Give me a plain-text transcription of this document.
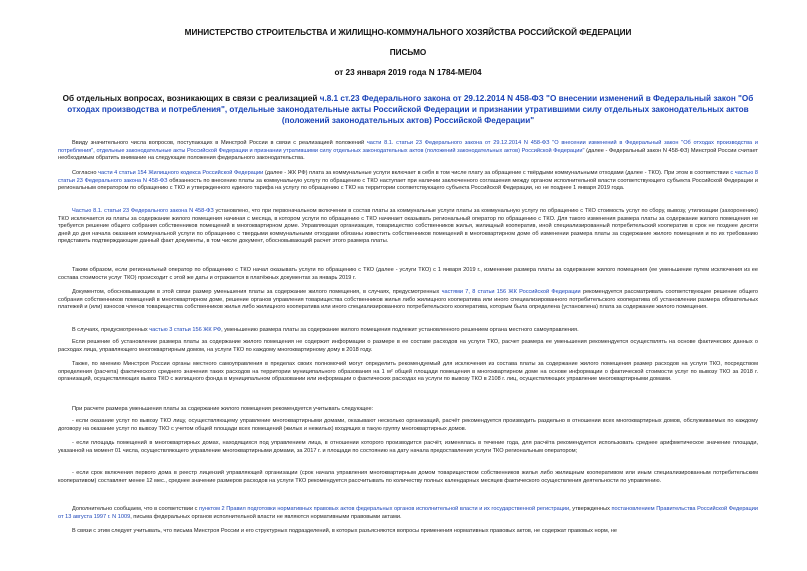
МИНИСТЕРСТВО СТРОИТЕЛЬСТВА И ЖИЛИЩНО-КОММУНАЛЬНОГО ХОЗЯЙСТВА РОССИЙСКОЙ ФЕДЕРАЦИИ
ПИСЬМО
от 23 января 2019 года N 1784-МЕ/04
Об отдельных вопросах, возникающих в связи с реализацией ч.8.1 ст.23 Федерального закона от 29.12.2014 N 458-ФЗ "О внесении изменений в Федеральный закон "Об отходах производства и потребления", отдельные законодательные акты Российской Федерации и признании утратившими силу отдельных законодательных актов (положений законодательных актов) Российской Федерации"

Ввиду значительного числа вопросов, поступающих в Минстрой России в связи с реализацией положений части 8.1. статьи 23 Федерального закона от 29.12.2014 N 458-ФЗ "О внесении изменений в Федеральный закон "Об отходах производства и потребления", отдельные законодательные акты Российской Федерации и признании утратившими силу отдельных законодательных актов (положений законодательных актов) Российской Федерации" (далее - Федеральный закон N 458-ФЗ) Минстрой России считает необходимым обратить внимание на следующие положения федерального законодательства.

Согласно части 4 статьи 154 Жилищного кодекса Российской Федерации (далее - ЖК РФ) плата за коммунальные услуги включает в себя в том числе плату за обращение с твёрдыми коммунальными отходами (далее - ТКО). При этом в соответствии с частью 8 статьи 23 Федерального закона N 458-ФЗ обязанность по внесению платы за коммунальную услугу по обращению с ТКО наступает при наличии заключенного соглашения между органом исполнительной власти соответствующего субъекта Российской Федерации и региональным оператором по обращению с ТКО и утвержденного единого тарифа на услугу по обращению с ТКО на территории соответствующего субъекта Российской Федерации, но не позднее 1 января 2019 года.

Частью 8.1. статьи 23 Федерального закона N 458-ФЗ установлено, что при первоначальном включении в состав платы за коммунальные услуги платы за коммунальную услугу по обращению с ТКО стоимость услуг по сбору, вывозу, утилизации (захоронению) ТКО исключается из платы за содержание жилого помещения начиная с месяца, в котором услуги по обращению с ТКО начинает оказывать региональный оператор по обращению с ТКО. Для такого изменения размера платы за содержание жилого помещения не требуется решение общего собрания собственников помещений в многоквартирном доме. Управляющая организация, товарищество собственников жилья, жилищный кооператив, иной специализированный потребительский кооператив в срок не позднее десяти дней до дня начала оказания коммунальной услуги по обращению с твердыми коммунальными отходами обязаны известить собственников помещений в многоквартирном доме об изменении размера платы за содержание жилого помещения и по их требованию представить подтверждающие данный факт документы, в том числе документ, обосновывающий расчет этого размера платы.

Таким образом, если региональный оператор по обращению с ТКО начал оказывать услуги по обращению с ТКО (далее - услуги ТКО) с 1 января 2019 г., изменение размера платы за содержание жилого помещения (ее уменьшение путем исключения из ее состава стоимости услуг ТКО) происходит с этой же даты и отражается в платёжных документах за январь 2019 г.

Документом, обосновывающим в этой связи размер уменьшения платы за содержание жилого помещения, в случаях, предусмотренных частями 7, 8 статьи 156 ЖК Российской Федерации рекомендуется рассматривать соответствующее решение общего собрания собственников помещений в многоквартирном доме, решение органов управления товарищества собственников жилья либо жилищного кооператива или иного специализированного потребительского кооператива об установлении размера обязательных платежей и (или) взносов членов товарищества собственников жилья либо жилищного кооператива или иного специализированного потребительского кооператива, которым была определена (установлена) плата за содержание жилого помещения.

В случаях, предусмотренных частью 3 статьи 156 ЖК РФ, уменьшению размера платы за содержание жилого помещения подлежит установленного решением органа местного самоуправления.

Если решение об установлении размера платы за содержание жилого помещения не содержит информации о размере в ее составе расходов на услуги ТКО, расчет размера ее уменьшения рекомендуется осуществлять на основе фактических данных о расходах лица, управляющего многоквартирным домом, на услуги ТКО по каждому многоквартирному дому в 2018 году.

Также, по мнению Минстроя России органы местного самоуправления в пределах своих полномочий могут определить рекомендуемый для исключения из состава платы за содержание жилого помещения размер расходов на услуги ТКО, посредством определения (расчета) фактического среднего значения таких расходов на территории муниципального образования на 1 м² общей площади помещения в многоквартирном доме на основе информации о фактической стоимости услуг по вывозу ТКО за 2018 г. организаций, осуществляющих вывоз ТКО с жилищного фонда в муниципальном образовании или информации о фактических расходах на услуги по вывозу ТКО в 2108 г. лиц, осуществляющих управление многоквартирными домами.

При расчете размера уменьшения платы за содержание жилого помещения рекомендуется учитывать следующее:

- если оказание услуг по вывозу ТКО лицу, осуществляющему управление многоквартирными домами, оказывают несколько организаций, расчёт рекомендуется производить раздельно в отношении всех многоквартирных домов, обслуживаемых по каждому договору на оказание услуг по вывозу ТКО с учетом общей площади всех помещений (жилых и нежилых) входящих в такую группу многоквартирных домов.

- если площадь помещений в многоквартирных домах, находящихся под управлением лица, в отношении которого производится расчёт, изменялась в течение года, для расчёта рекомендуется использовать среднее арифметическое значение площади, указанной на момент 01 числа, осуществляющего управление многоквартирными домами, за 2017 г. и площади по состоянию на дату начала предоставления услуги ТКО региональным оператором;

- если срок включения первого дома в реестр лицензий управляющей организации (срок начала управления многоквартирным домом товариществом собственников жилья либо жилищным кооперативом или иным специализированным потребительским кооперативом) составляет менее 12 мес., среднее значение размеров расходов на услуги ТКО рекомендуется рассчитывать по количеству полных календарных месяцев фактического осуществления деятельности по управлению.

Дополнительно сообщаем, что в соответствии с пунктом 2 Правил подготовки нормативных правовых актов федеральных органов исполнительной власти и их государственной регистрации, утвержденных постановлением Правительства Российской Федерации от 13 августа 1997 г. N 1009, письма федеральных органов исполнительной власти не являются нормативными правовыми актами.

В связи с этим следует учитывать, что письма Минстроя России и его структурных подразделений, в которых разъясняются вопросы применения нормативных правовых актов, не содержат правовых норм, не
